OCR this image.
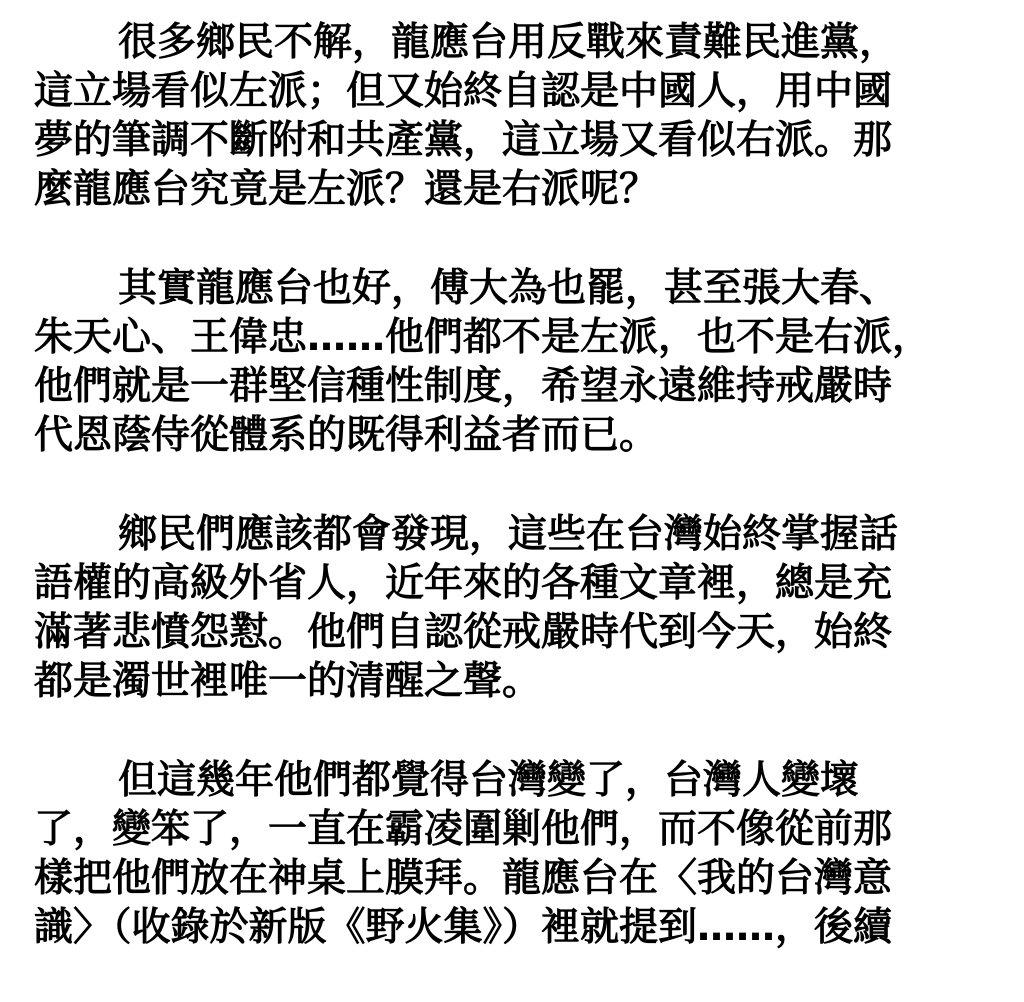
很多鄉民不解，龍應台用反戰來責難民進黨，
這立場看似左派；但又始終自認是中國人，用中國
夢的筆調不斷附和共產黨，這立場又看似右派。那
麼龍應台究竟是左派？還是右派呢？
其實龍應台也好，傅大為也罷，甚至張大春、
朱天心、王偉忠……他們都不是左派，也不是右派，
他們就是一群堅信種性制度，希望永遠維持戒嚴時
代恩蔭侍從體系的既得利益者而已。
鄉民們應該都會發現，這些在台灣始終掌握話
語權的高級外省人，近年來的各種文章裡，總是充
滿著悲憤怨懟。他們自認從戒嚴時代到今天，始終
都是濁世裡唯一的清醒之聲。
但這幾年他們都覺得台灣變了，台灣人變壞
了，變笨了，一直在霸凌圍剿他們，而不像從前那
樣把他們放在神桌上膜拜。龍應台在〈我的台灣意
識〉（收錄於新版《野火集》）裡就提到……，後續
